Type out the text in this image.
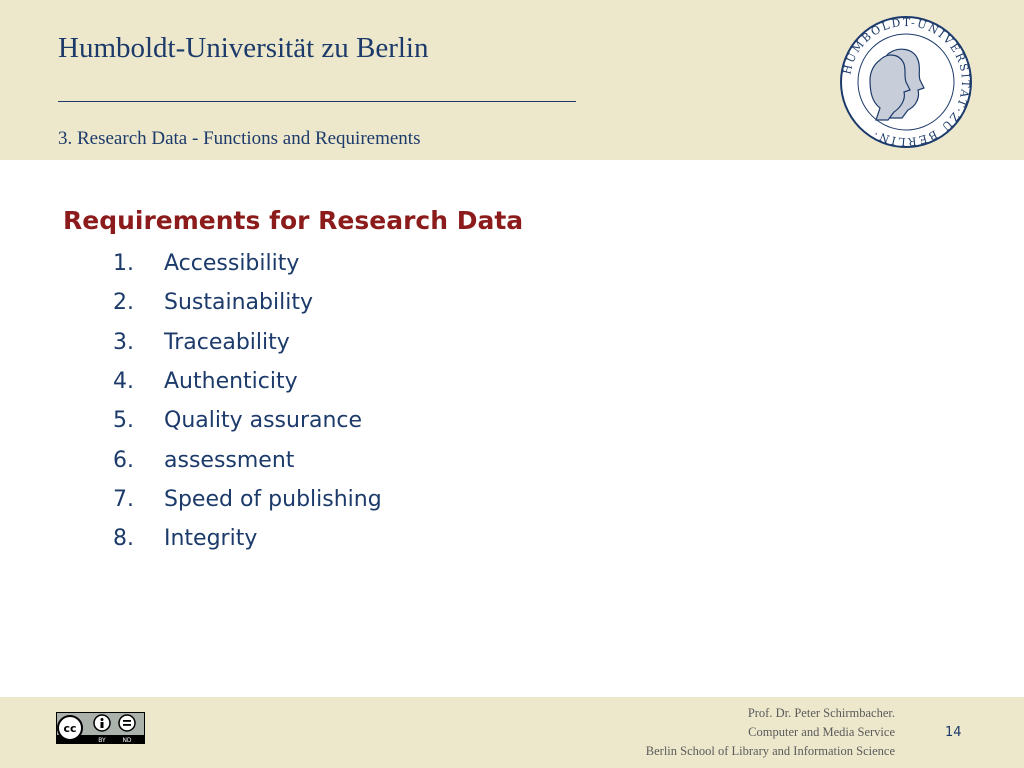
Humboldt-Universität zu Berlin
3. Research Data - Functions and Requirements
HUMBOLDT-UNIVERSITÄT·ZU BERLIN·
Requirements for Research Data
1.	Accessibility
2.	Sustainability
3.	Traceability
4.	Authenticity
5.	Quality assurance
6.	assessment
7.	Speed of publishing
8.	Integrity
cc
BY	ND
Prof. Dr. Peter Schirmbacher.
Computer and Media Service
Berlin School of Library and Information Science
14
